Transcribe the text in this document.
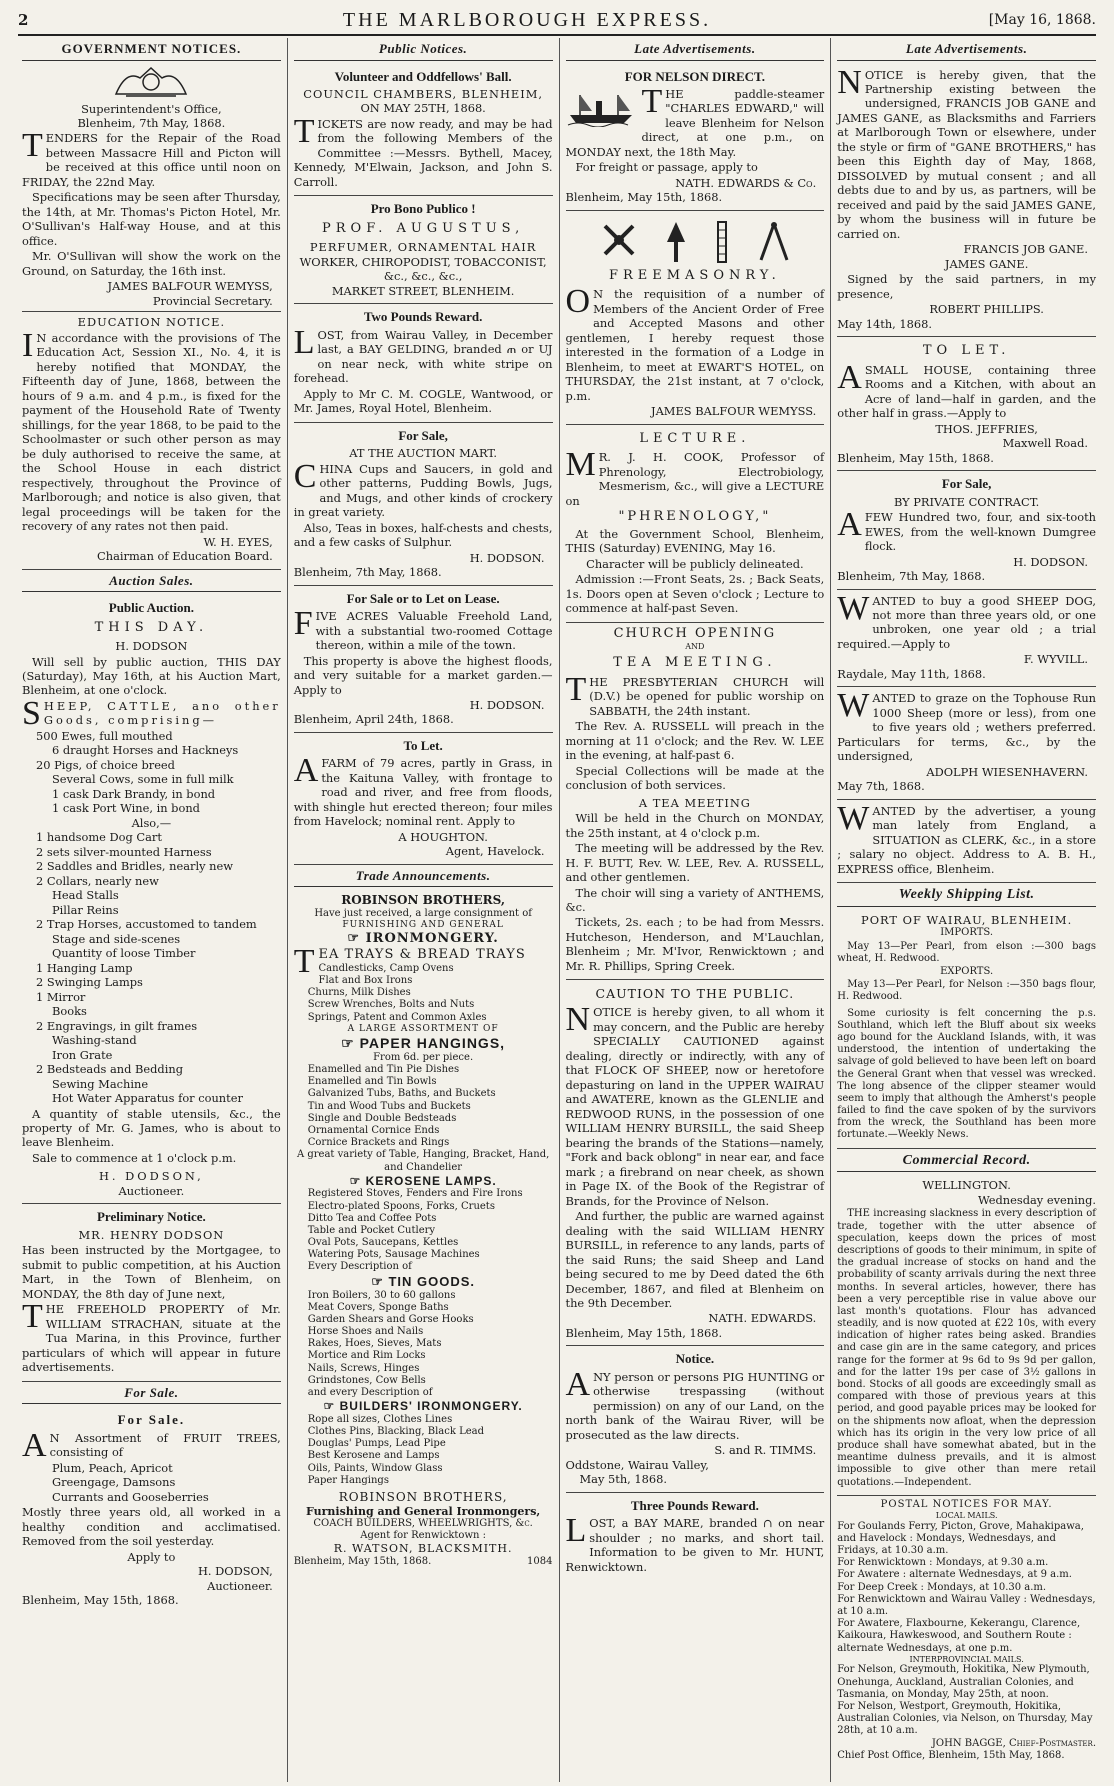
2	THE MARLBOROUGH EXPRESS.	[May 16, 1868.
GOVERNMENT NOTICES.
Superintendent's Office,
Blenheim, 7th May, 1868.

TENDERS for the Repair of the Road between Massacre Hill and Picton will be received at this office until noon on FRIDAY, the 22nd May.

Specifications may be seen after Thursday, the 14th, at Mr. Thomas's Picton Hotel, Mr. O'Sullivan's Half-way House, and at this office.

Mr. O'Sullivan will show the work on the Ground, on Saturday, the 16th inst.

JAMES BALFOUR WEMYSS,
Provincial Secretary.
EDUCATION NOTICE.

I N accordance with the provisions of The Education Act, Session XI., No. 4, it is hereby notified that MONDAY, the Fifteenth day of June, 1868, between the hours of 9 a.m. and 4 p.m., is fixed for the payment of the Household Rate of Twenty shillings, for the year 1868, to be paid to the Schoolmaster or such other person as may be duly authorised to receive the same, at the School House in each district respectively, throughout the Province of Marlborough; and notice is also given, that legal proceedings will be taken for the recovery of any rates not then paid.

W. H. EYES,
Chairman of Education Board.
Auction Sales.
Public Auction.
THIS DAY.
H. DODSON

Will sell by public auction, THIS DAY (Saturday), May 16th, at his Auction Mart, Blenheim, at one o'clock.

SHEEP, CATTLE, ano other Goods, comprising—

500 Ewes, full mouthed
6 draught Horses and Hackneys
20 Pigs, of choice breed
Several Cows, some in full milk
1 cask Dark Brandy, in bond
1 cask Port Wine, in bond
Also,—
1 handsome Dog Cart
2 sets silver-mounted Harness
2 Saddles and Bridles, nearly new
2 Collars, nearly new
Head Stalls
Pillar Reins
2 Trap Horses, accustomed to tandem
Stage and side-scenes
Quantity of loose Timber
1 Hanging Lamp
2 Swinging Lamps
1 Mirror
Books
2 Engravings, in gilt frames
Washing-stand
Iron Grate
2 Bedsteads and Bedding
Sewing Machine
Hot Water Apparatus for counter

A quantity of stable utensils, &c., the property of Mr. G. James, who is about to leave Blenheim.

Sale to commence at 1 o'clock p.m.

H. DODSON,
Auctioneer.
Preliminary Notice.
MR. HENRY DODSON

Has been instructed by the Mortgagee, to submit to public competition, at his Auction Mart, in the Town of Blenheim, on MONDAY, the 8th day of June next,

THE FREEHOLD PROPERTY of Mr. WILLIAM STRACHAN, situate at the Tua Marina, in this Province, further particulars of which will appear in future advertisements.

For Sale.
For Sale.

A N Assortment of FRUIT TREES, consisting of

Plum, Peach, Apricot
Greengage, Damsons
Currants and Gooseberries

Mostly three years old, all worked in a healthy condition and acclimatised. Removed from the soil yesterday.

Apply to
H. DODSON,
Auctioneer.
Blenheim, May 15th, 1868.
Public Notices.
Volunteer and Oddfellows' Ball.
COUNCIL CHAMBERS, BLENHEIM,
ON MAY 25TH, 1868.

TICKETS are now ready, and may be had from the following Members of the Committee :—Messrs. Bythell, Macey, Kennedy, M'Elwain, Jackson, and John S. Carroll.

Pro Bono Publico !
PROF. AUGUSTUS,
PERFUMER, ORNAMENTAL HAIR
WORKER, CHIROPODIST, TOBACCONIST,
&c., &c., &c.,
MARKET STREET, BLENHEIM.
Two Pounds Reward.

LOST, from Wairau Valley, in December last, a BAY GELDING, branded ጠ or UJ on near neck, with white stripe on forehead.

Apply to Mr C. M. COGLE, Wantwood, or Mr. James, Royal Hotel, Blenheim.

For Sale,
AT THE AUCTION MART.

CHINA Cups and Saucers, in gold and other patterns, Pudding Bowls, Jugs, and Mugs, and other kinds of crockery in great variety.

Also, Teas in boxes, half-chests and chests, and a few casks of Sulphur.

H. DODSON.
Blenheim, 7th May, 1868.
For Sale or to Let on Lease.

FIVE ACRES Valuable Freehold Land, with a substantial two-roomed Cottage thereon, within a mile of the town.

This property is above the highest floods, and very suitable for a market garden.—Apply to

H. DODSON.
Blenheim, April 24th, 1868.
To Let.

AFARM of 79 acres, partly in Grass, in the Kaituna Valley, with frontage to road and river, and free from floods, with shingle hut erected thereon; four miles from Havelock; nominal rent. Apply to

A HOUGHTON.
Agent, Havelock.
Trade Announcements.
ROBINSON BROTHERS,
Have just received, a large consignment of
FURNISHING AND GENERAL
☞ IRONMONGERY.
TEA TRAYS & BREAD TRAYS
Candlesticks, Camp Ovens
Flat and Box Irons
Churns, Milk Dishes
Screw Wrenches, Bolts and Nuts
Springs, Patent and Common Axles
A LARGE ASSORTMENT OF
☞ PAPER HANGINGS,
From 6d. per piece.
Enamelled and Tin Pie Dishes
Enamelled and Tin Bowls
Galvanized Tubs, Baths, and Buckets
Tin and Wood Tubs and Buckets
Single and Double Bedsteads
Ornamental Cornice Ends
Cornice Brackets and Rings
A great variety of Table, Hanging, Bracket, Hand, and Chandelier
☞ KEROSENE LAMPS.
Registered Stoves, Fenders and Fire Irons
Electro-plated Spoons, Forks, Cruets
Ditto Tea and Coffee Pots
Table and Pocket Cutlery
Oval Pots, Saucepans, Kettles
Watering Pots, Sausage Machines
Every Description of
☞ TIN GOODS.
Iron Boilers, 30 to 60 gallons
Meat Covers, Sponge Baths
Garden Shears and Gorse Hooks
Horse Shoes and Nails
Rakes, Hoes, Sieves, Mats
Mortice and Rim Locks
Nails, Screws, Hinges
Grindstones, Cow Bells
and every Description of
☞ BUILDERS' IRONMONGERY.
Rope all sizes, Clothes Lines
Clothes Pins, Blacking, Black Lead
Douglas' Pumps, Lead Pipe
Best Kerosene and Lamps
Oils, Paints, Window Glass
Paper Hangings
ROBINSON BROTHERS,
Furnishing and General Ironmongers,
COACH BUILDERS, WHEELWRIGHTS, &c.
Agent for Renwicktown :
R. WATSON, BLACKSMITH.
Blenheim, May 15th, 1868.	1084
Late Advertisements.
FOR NELSON DIRECT.

THE paddle-steamer "CHARLES EDWARD," will leave Blenheim for Nelson direct, at one p.m., on MONDAY next, the 18th May.

For freight or passage, apply to

NATH. EDWARDS & Co.
Blenheim, May 15th, 1868.
FREEMASONRY.

O N the requisition of a number of Members of the Ancient Order of Free and Accepted Masons and other gentlemen, I hereby request those interested in the formation of a Lodge in Blenheim, to meet at EWART'S HOTEL, on THURSDAY, the 21st instant, at 7 o'clock, p.m.

JAMES BALFOUR WEMYSS.
LECTURE.

M R. J. H. COOK, Professor of Phrenology, Electrobiology, Mesmerism, &c., will give a LECTURE on

"PHRENOLOGY,"

At the Government School, Blenheim, THIS (Saturday) EVENING, May 16.

Character will be publicly delineated.

Admission :—Front Seats, 2s. ; Back Seats, 1s. Doors open at Seven o'clock ; Lecture to commence at half-past Seven.

CHURCH OPENING
AND
TEA MEETING.

THE PRESBYTERIAN CHURCH will (D.V.) be opened for public worship on SABBATH, the 24th instant.

The Rev. A. RUSSELL will preach in the morning at 11 o'clock; and the Rev. W. LEE in the evening, at half-past 6.

Special Collections will be made at the conclusion of both services.

A TEA MEETING

Will be held in the Church on MONDAY, the 25th instant, at 4 o'clock p.m.

The meeting will be addressed by the Rev. H. F. BUTT, Rev. W. LEE, Rev. A. RUSSELL, and other gentlemen.

The choir will sing a variety of ANTHEMS, &c.

Tickets, 2s. each ; to be had from Messrs. Hutcheson, Henderson, and M'Lauchlan, Blenheim ; Mr. M'Ivor, Renwicktown ; and Mr. R. Phillips, Spring Creek.

CAUTION TO THE PUBLIC.

NOTICE is hereby given, to all whom it may concern, and the Public are hereby SPECIALLY CAUTIONED against dealing, directly or indirectly, with any of that FLOCK OF SHEEP, now or heretofore depasturing on land in the UPPER WAIRAU and AWATERE, known as the GLENLIE and REDWOOD RUNS, in the possession of one WILLIAM HENRY BURSILL, the said Sheep bearing the brands of the Stations—namely, "Fork and back oblong" in near ear, and face mark ; a firebrand on near cheek, as shown in Page IX. of the Book of the Registrar of Brands, for the Province of Nelson.

And further, the public are warned against dealing with the said WILLIAM HENRY BURSILL, in reference to any lands, parts of the said Runs; the said Sheep and Land being secured to me by Deed dated the 6th December, 1867, and filed at Blenheim on the 9th December.

NATH. EDWARDS.
Blenheim, May 15th, 1868.
Notice.

ANY person or persons PIG HUNTING or otherwise trespassing (without permission) on any of our Land, on the north bank of the Wairau River, will be prosecuted as the law directs.

S. and R. TIMMS.
Oddstone, Wairau Valley,
May 5th, 1868.
Three Pounds Reward.

LOST, a BAY MARE, branded ∩ on near shoulder ; no marks, and short tail. Information to be given to Mr. HUNT, Renwicktown.

Late Advertisements.

NOTICE is hereby given, that the Partnership existing between the undersigned, FRANCIS JOB GANE and JAMES GANE, as Blacksmiths and Farriers at Marlborough Town or elsewhere, under the style or firm of "GANE BROTHERS," has been this Eighth day of May, 1868, DISSOLVED by mutual consent ; and all debts due to and by us, as partners, will be received and paid by the said JAMES GANE, by whom the business will in future be carried on.

FRANCIS JOB GANE.
JAMES GANE.

Signed by the said partners, in my presence,

ROBERT PHILLIPS.
May 14th, 1868.
TO LET.

ASMALL HOUSE, containing three Rooms and a Kitchen, with about an Acre of land—half in garden, and the other half in grass.—Apply to

THOS. JEFFRIES,
Maxwell Road.
Blenheim, May 15th, 1868.
For Sale,
BY PRIVATE CONTRACT.

AFEW Hundred two, four, and six-tooth EWES, from the well-known Dumgree flock.

H. DODSON.
Blenheim, 7th May, 1868.

WANTED to buy a good SHEEP DOG, not more than three years old, or one unbroken, one year old ; a trial required.—Apply to

F. WYVILL.
Raydale, May 11th, 1868.

WANTED to graze on the Tophouse Run 1000 Sheep (more or less), from one to five years old ; wethers preferred. Particulars for terms, &c., by the undersigned,

ADOLPH WIESENHAVERN.
May 7th, 1868.

WANTED by the advertiser, a young man lately from England, a SITUATION as CLERK, &c., in a store ; salary no object. Address to A. B. H., EXPRESS office, Blenheim.

Weekly Shipping List.
PORT OF WAIRAU, BLENHEIM.
IMPORTS.

May 13—Per Pearl, from elson :—300 bags wheat, H. Redwood.

EXPORTS.

May 13—Per Pearl, for Nelson :—350 bags flour, H. Redwood.

Some curiosity is felt concerning the p.s. Southland, which left the Bluff about six weeks ago bound for the Auckland Islands, with, it was understood, the intention of undertaking the salvage of gold believed to have been left on board the General Grant when that vessel was wrecked. The long absence of the clipper steamer would seem to imply that although the Amherst's people failed to find the cave spoken of by the survivors from the wreck, the Southland has been more fortunate.—Weekly News.

Commercial Record.
WELLINGTON.
Wednesday evening.

THE increasing slackness in every description of trade, together with the utter absence of speculation, keeps down the prices of most descriptions of goods to their minimum, in spite of the gradual increase of stocks on hand and the probability of scanty arrivals during the next three months. In several articles, however, there has been a very perceptible rise in value above our last month's quotations. Flour has advanced steadily, and is now quoted at £22 10s, with every indication of higher rates being asked. Brandies and case gin are in the same category, and prices range for the former at 9s 6d to 9s 9d per gallon, and for the latter 19s per case of 3½ gallons in bond. Stocks of all goods are exceedingly small as compared with those of previous years at this period, and good payable prices may be looked for on the shipments now afloat, when the depression which has its origin in the very low price of all produce shall have somewhat abated, but in the meantime dulness prevails, and it is almost impossible to give other than mere retail quotations.—Independent.

POSTAL NOTICES FOR MAY.
LOCAL MAILS.
For Goulands Ferry, Picton, Grove, Mahakipawa, and Havelock : Mondays, Wednesdays, and Fridays, at 10.30 a.m.
For Renwicktown : Mondays, at 9.30 a.m.
For Awatere : alternate Wednesdays, at 9 a.m.
For Deep Creek : Mondays, at 10.30 a.m.
For Renwicktown and Wairau Valley : Wednesdays, at 10 a.m.
For Awatere, Flaxbourne, Kekerangu, Clarence, Kaikoura, Hawkeswood, and Southern Route : alternate Wednesdays, at one p.m.
INTERPROVINCIAL MAILS.
For Nelson, Greymouth, Hokitika, New Plymouth, Onehunga, Auckland, Australian Colonies, and Tasmania, on Monday, May 25th, at noon.
For Nelson, Westport, Greymouth, Hokitika, Australian Colonies, via Nelson, on Thursday, May 28th, at 10 a.m.
JOHN BAGGE, Chief-Postmaster.
Chief Post Office, Blenheim, 15th May, 1868.
